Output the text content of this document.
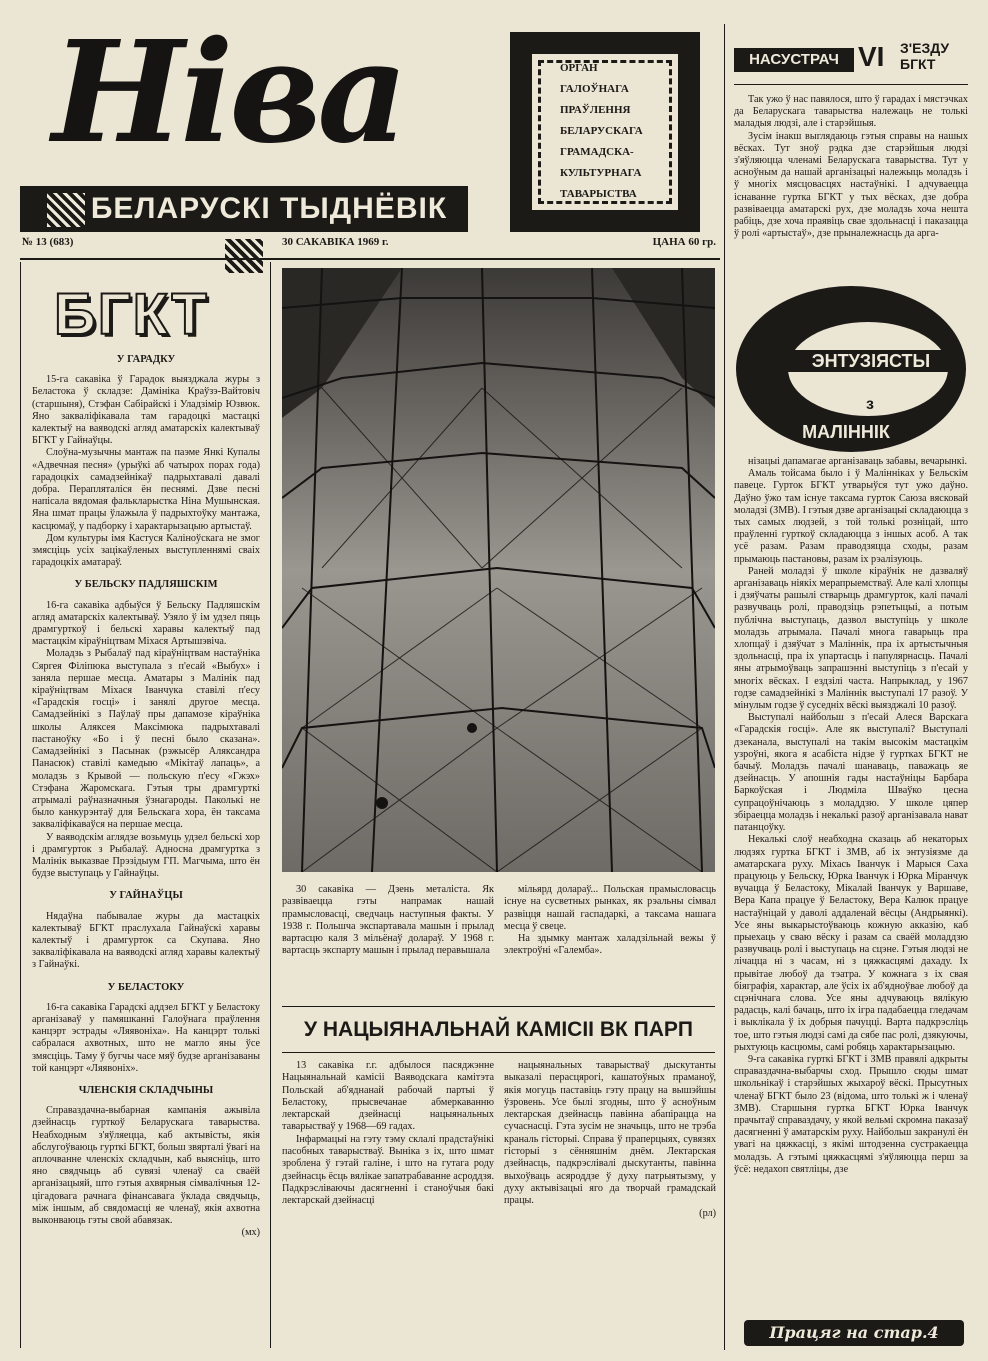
Ніва
БЕЛАРУСКІ ТЫДНЁВІК
ОРГАН
ГАЛОЎНАГА
ПРАЎЛЕННЯ
БЕЛАРУСКАГА
ГРАМАДСКА-
КУЛЬТУРНАГА
ТАВАРЫСТВА
№ 13 (683)	30 САКАВІКА 1969 г.	ЦАНА 60 гр.
БГКТ
У ГАРАДКУ

15-га сакавіка ў Гарадок выязджала журы з Беластока ў складзе: Дамініка Краўзэ-Вайтовіч (старшыня), Стэфан Сабірайскі і Уладзімір Юзвюк. Яно заквалiфiкавала там гарадоцкі мастацкі калектыў на ваяводскі агляд аматарскіх калектываў БГКТ у Гайнаўцы.

Слоўна-музычны мантаж па паэме Янкі Купалы «Адвечная песня» (урыўкі аб чатырох порах года) гарадоцкіх самадзейнікаў падрыхтавалі давалі добра. Перапляталіся ён песнямі. Дзве песні напісала вядомая фалькларыстка Ніна Мушынская. Яна шмат працы ўлажыла ў падрыхтоўку мантажа, касцюмаў, у падборку і характарызацыю артыстаў.

Дом культуры імя Кастуся Каліноўскага не змог змясціць усіх зацікаўленых выступленнямі сваіх гарадоцкіх аматараў.

У БЕЛЬСКУ ПАДЛЯШСКІМ

16-га сакавіка адбыўся ў Бельску Падляшскім агляд аматарскіх калектываў. Узяло ў ім удзел пяць драмгурткоў і бельскі харавы калектыў пад мастацкім кіраўніцтвам Міхася Артышэвіча.

Моладзь з Рыбалаў пад кіраўніцтвам настаўніка Сяргея Філіпюка выступала з п'есай «Выбух» і заняла першае месца. Аматары з Малінік пад кіраўніцтвам Міхася Іванчука ставілі п'есу «Гарадскія госці» і занялі другое месца. Самадзейнікі з Паўлаў пры дапамозе кіраўніка школы Аляксея Максімюка падрыхтавалі пастаноўку «Бо і ў песні было сказана». Самадзейнікі з Пасынак (рэжысёр Аляксандра Панасюк) ставілі камедыю «Мікітаў лапаць», а моладзь з Крывой — польскую п'есу «Гжэх» Стэфана Жаромскага. Гэтыя тры драмгурткі атрымалі раўназначныя ўзнагароды. Паколькі не было канкурэнтаў для Бельскага хора, ён таксама заквалiфiкаваўся на першае месца.

У ваяводскім аглядзе возьмуць удзел бельскі хор і драмгурток з Рыбалаў. Адносна драмгуртка з Малінік выказвае Прэзідыум ГП. Магчыма, што ён будзе выступаць у Гайнаўцы.

У ГАЙНАЎЦЫ

Нядаўна пабывалае журы да мастацкіх калектываў БГКТ праслухала Гайнаўскі харавы калектыў і драмгурток са Скупава. Яно заквалiфiкавала на ваяводскі агляд харавы калектыў з Гайнаўкі.

У БЕЛАСТОКУ

16-га сакавіка Гарадскі аддзел БГКТ у Беластоку арганізаваў у памяшканні Галоўнага праўлення канцэрт эстрады «Ляявоніха». На канцэрт толькі сабралася ахвотных, што не магло яны ўсе змясціць. Таму ў бугчы часе мяў будзе арганізаваны той канцэрт «Ляявоніх».

ЧЛЕНСКІЯ СКЛАДЧЫНЫ

Справаздачна-выбарная кампанія ажывіла дзейнасць гурткоў Беларускага таварыства. Неабходным з'яўляецца, каб актывісты, якія абслугоўваюць гурткі БГКТ, больш звярталі ўвагі на аплочванне членскіх складчын, каб выясніць, што яно свядчыць аб сувязі членаў са сваёй арганізацыяй, што гэтыя ахвярныя сімвалічныя 12-цігадовага рачнага фінансавага ўклада свядчыць, між іншым, аб свядомасці яе членаў, якія ахвотна выконваюць гэты свой абавязак.

(мх)

30 сакавіка — Дзень металіста. Як развіваецца гэты напрамак нашай прамысловасці, сведчаць наступныя факты. У 1938 г. Польшча экспартавала машын і прылад вартасцю каля 3 мільёнаў долараў. У 1968 г. вартасць экспарту машын і прылад перавышала

мільярд долараў... Польская прамысловасць існуе на сусветных рынках, як рэальны сімвал развіцця нашай гаспадаркі, а таксама нашага месца ў свеце.

На здымку мантаж халадзільнай вежы ў электроўні «Галемба».

У НАЦЫЯНАЛЬНАЙ КАМІСІІ ВК ПАРП

13 сакавіка г.г. адбылося пасяджэнне Нацыянальнай камісіі Ваяводскага камітэта Польскай аб'яднанай рабочай партыі ў Беластоку, прысвечанае абмеркаванню лектарскай дзейнасці нацыянальных таварыстваў у 1968—69 гадах.

Інфармацыі на гэту тэму склалі прадстаўнікі пасобных таварыстваў. Выніка з іх, што шмат зроблена ў гэтай галіне, і што на гутага роду дзейнасць ёсць вялікае запатрабаванне асроддзя. Падкрэсліваючы дасягненні і станоўчыя бакі лектарскай дзейнасці

нацыянальных таварыстваў дыскутанты выказалі перасцярогі, кашатоўных праманоў, якія могуць паставіць гэту працу на вышэйшы ўзровень. Усе былі згодны, што ў асноўным лектарская дзейнасць павінна абапірацца на сучаснасці. Гэта зусім не значыць, што не трэба краналь гісторыі. Справа ў праперцыях, сувязях гісторыі з сённяшнім днём. Лектарская дзейнасць, падкрэслівалі дыскутанты, павінна выхоўваць асяроддзе ў духу патрыятызму, у духу актывізацыі яго да творчай грамадскай працы.

(рл)
НАСУСТРАЧ VI	З'ЕЗДУ
БГКТ

Так ужо ў нас павялося, што ў гарадах і мястэчках да Беларускага таварыства належаць не толькі маладыя людзі, але і старэйшыя.

Зусім інакш выглядаюць гэтыя справы на нашых вёсках. Тут зноў рэдка дзе старэйшыя людзі з'яўляюцца членамі Беларускага таварыства. Тут у асноўным да нашай арганізацыі належыць моладзь і ў многіх мясцовасцях настаўнікі. І адчуваецца існаванне гуртка БГКТ у тых вёсках, дзе добра развіваецца аматарскі рух, дзе моладзь хоча нешта рабіць, дзе хоча праявіць свае здольнасці і паказацца ў ролі «артыстаў», дзе прыналежнасць да арга-

ЭНТУЗІЯСТЫ
з
МАЛІННІК

нізацыі дапамагае арганізаваць забавы, вечарынкі.

Амаль тойсама было і ў Малінніках у Бельскім павеце. Гурток БГКТ утварыўся тут ужо даўно. Даўно ўжо там існуе таксама гурток Саюза вясковай моладзі (ЗМВ). І гэтыя дзве арганізацыі складаюцца з тых самых людзей, з той толькі розніцай, што праўленні гурткоў складаюцца з іншых асоб. А так усё разам. Разам праводзяцца сходы, разам прымаюць пастановы, разам іх рэалізуюць.

Раней моладзі ў школе кіраўнік не дазваляў арганізаваць ніякіх мерапрыемстваў. Але калі хлопцы і дзяўчаты рашылі стварыць драмгурток, калі пачалі развучваць ролі, праводзіць рэпетыцыі, а потым публічна выступаць, дазвол выступіць у школе моладзь атрымала. Пачалі многа гаварыць пра хлопцаў і дзяўчат з Маліннік, пра іх артыстычныя здольнасці, пра іх упартасць і папулярнасць. Пачалі яны атрымоўваць запрашэнні выступіць з п'есай у многіх вёсках. І ездзілі часта. Напрыклад, у 1967 годзе самадзейнікі з Маліннік выступалі 17 разоў. У мінулым годзе ў суседніх вёскі выязджалі 10 разоў.

Выступалі найбольш з п'есай Алеся Варскага «Гарадскія госці». Але як выступалі? Выступалі дзеканала, выступалі на такім высокім мастацкім узроўні, якога я асабіста нідзе ў гуртках БГКТ не бачыў. Моладзь пачалі шанаваць, паважаць яе дзейнасць. У апошнія гады настаўніцы Барбара Баркоўская і Людміла Шваўко цесна супрацоўнічаюць з моладдзю. У школе цяпер збіраецца моладзь і некалькі разоў арганізавала нават патанцоўку.

Некалькі слоў неабходна сказаць аб некаторых людзях гуртка БГКТ і ЗМВ, аб іх энтузіязме да аматарскага руху. Міхась Іванчук і Марыся Саха працуюць у Бельску, Юрка Іванчук і Юрка Міранчук вучацца ў Беластоку, Мікалай Іванчук у Варшаве, Вера Капа працуе ў Беластоку, Вера Калюк працуе настаўніцай у даволі аддаленай вёсцы (Андрыянкі). Усе яны выкарыстоўваюць кожную акказію, каб прыехаць у сваю вёску і разам са сваёй моладдзю развучваць ролі і выступаць на сцэне. Гэтыя людзі не лічацца ні з часам, ні з цяжкасцямі дахаду. Іх прывітае любоў да тэатра. У кожнага з іх свая біяграфія, характар, але ўсіх іх аб'ядноўвае любоў да сцэнічнага слова. Усе яны адчуваюць вялікую радасць, калі бачаць, што іх ігра падабаецца гледачам і выклікала ў іх добрыя пачуцці. Варта падкрэсліць тое, што гэтыя людзі самі да сябе пас ролі, дзякуючы, рыхтуюць касцюмы, самі робяць характарызацыю.

9-га сакавіка гурткі БГКТ і ЗМВ правялі адкрыты справаздачна-выбарчы сход. Прышло сюды шмат школьнікаў і старэйшых жыхароў вёскі. Прысутных членаў БГКТ было 23 (відома, што толькі ж і членаў ЗМВ). Старшыня гуртка БГКТ Юрка Іванчук прачытаў справаздачу, у якой вельмі скромна паказаў дасягненні ў аматарскім руху. Найбольш закранулі ён увагі на цяжкасці, з якімі штодзенна сустракаецца моладзь. А гэтымі цяжкасцямі з'яўляюцца перш за ўсё: недахоп святліцы, дзе

Працяг на стар.4
